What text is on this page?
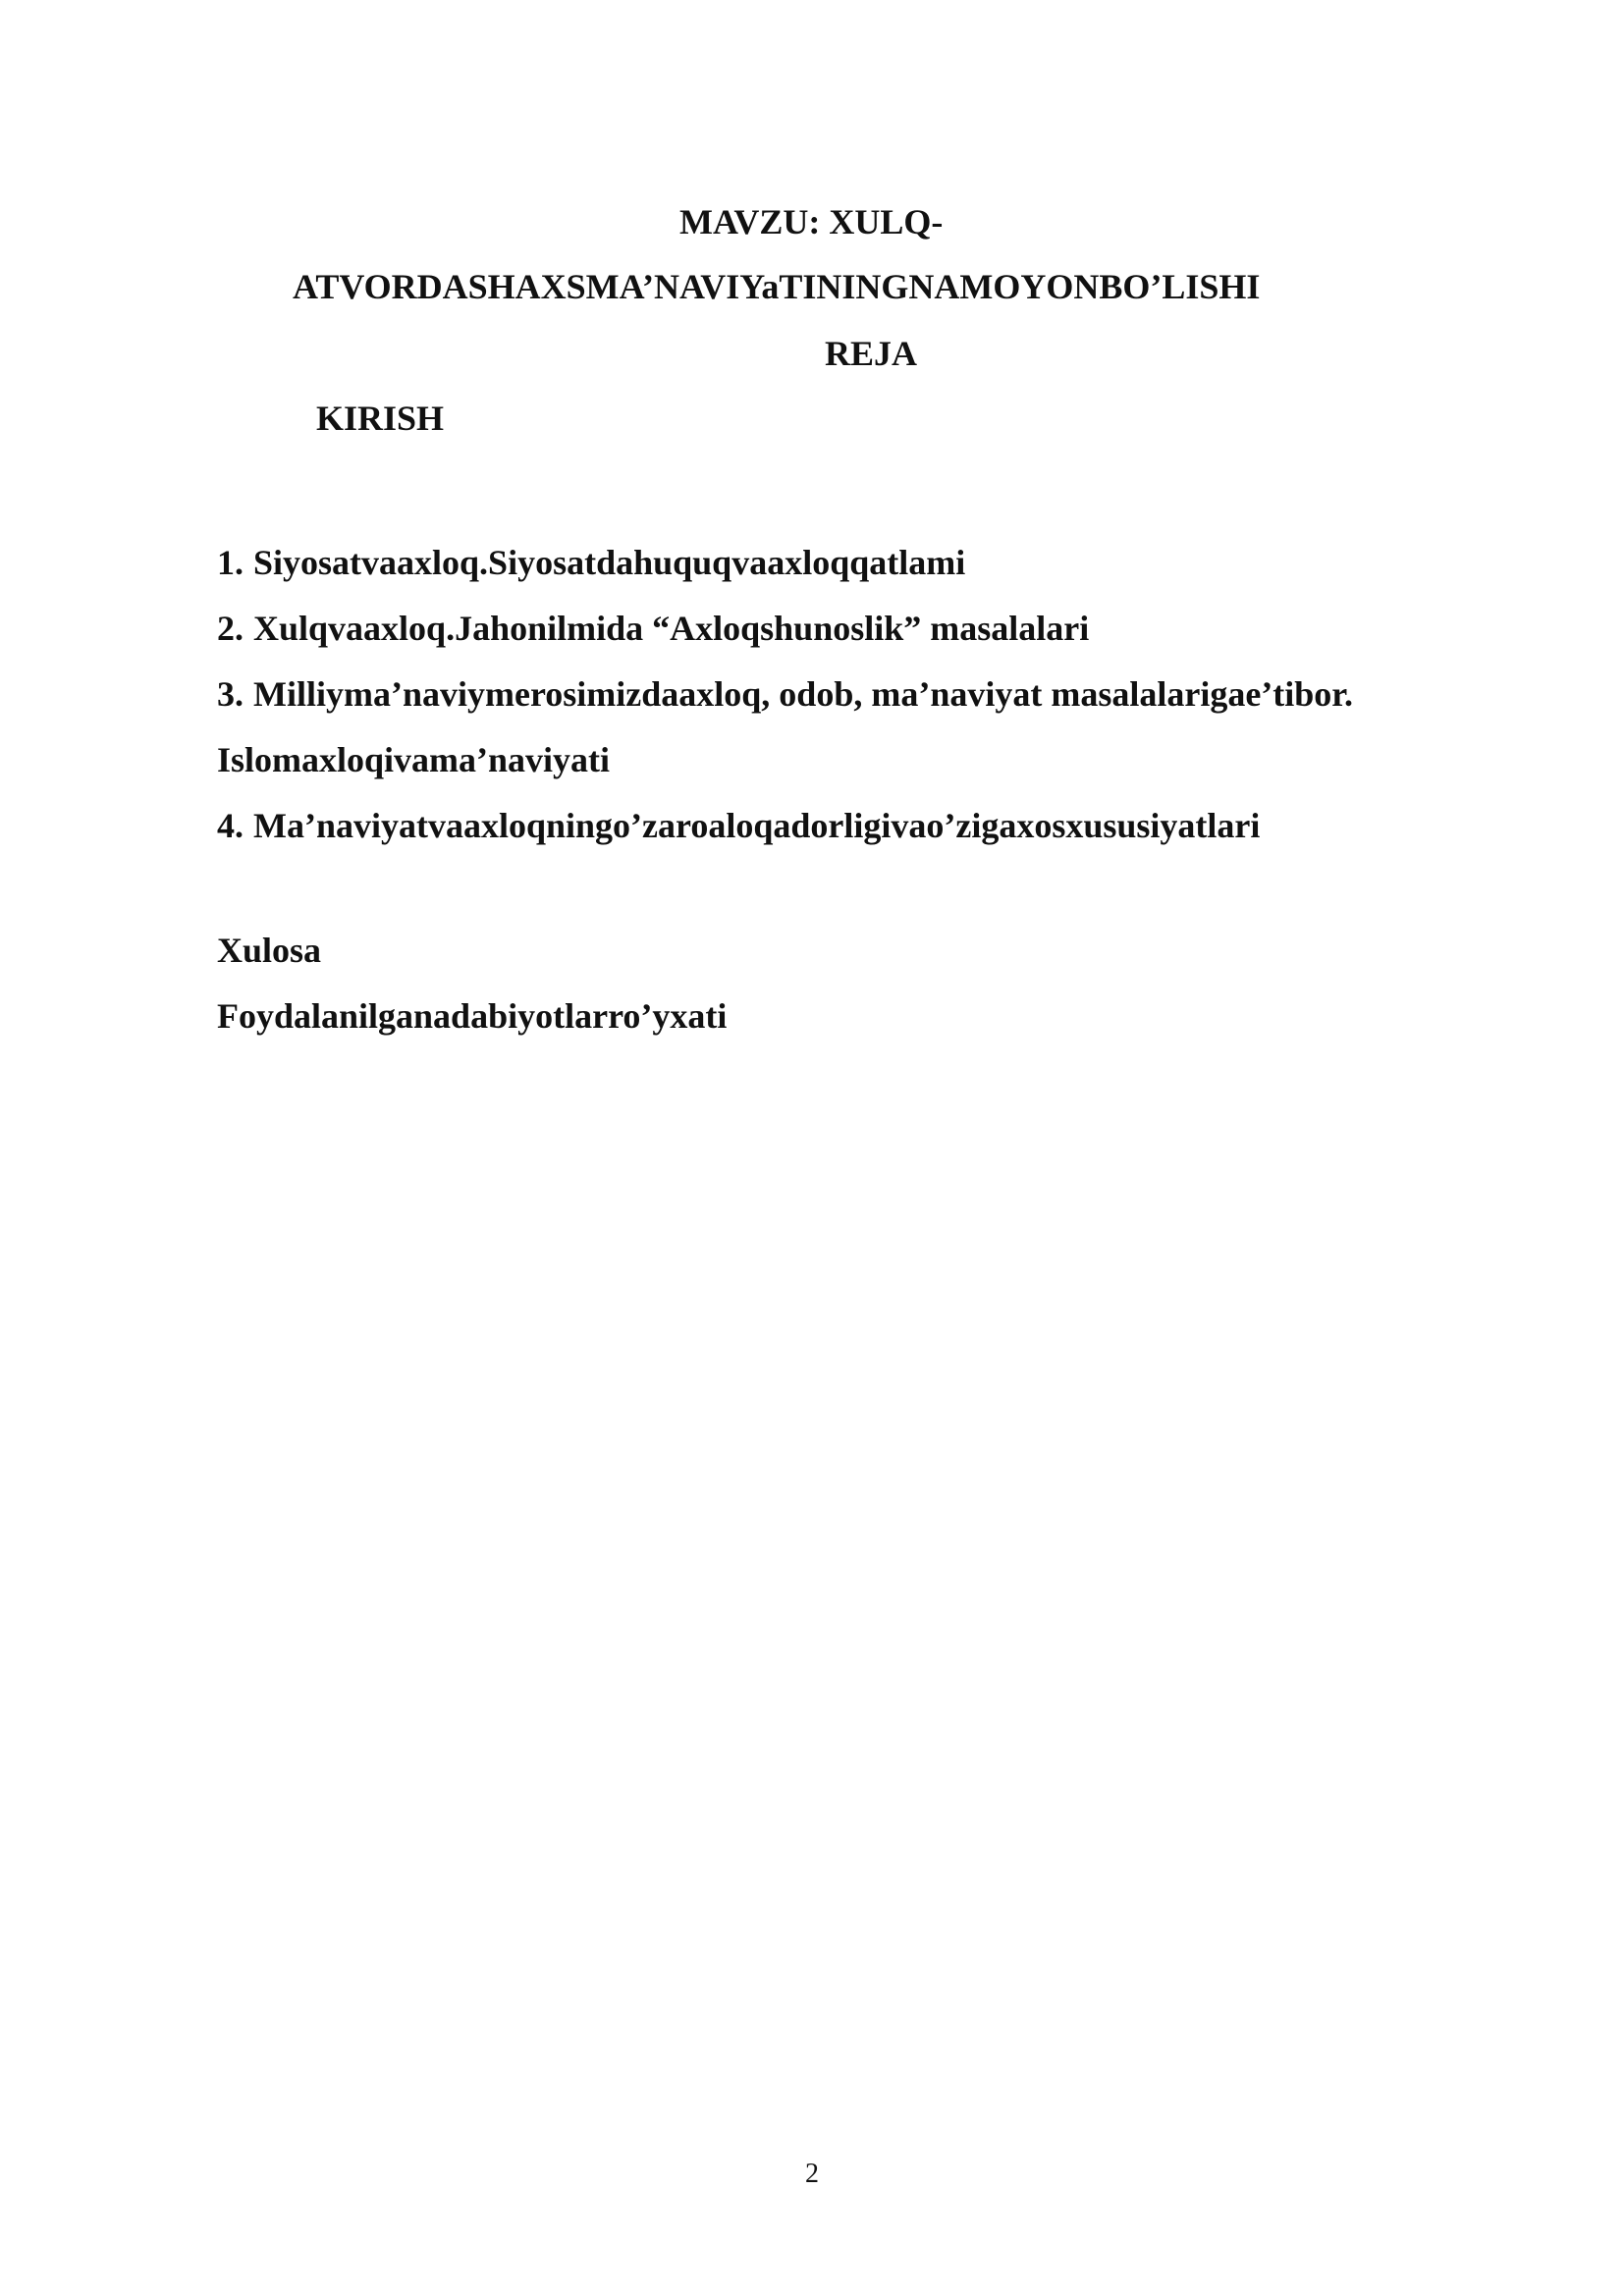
MAVZU: XULQ-
ATVORDASHAXSMA’NAVIYaTININGNAMOYONBO’LISHI
REJA
KIRISH
1. Siyosatvaaxloq.Siyosatdahuquqvaaxloqqatlami
2. Xulqvaaxloq.Jahonilmida “Axloqshunoslik” masalalari
3. Milliyma’naviymerosimizdaaxloq, odob, ma’naviyat masalalarigae’tibor. Islomaxloqivama’naviyati
4. Ma’naviyatvaaxloqningo’zaroaloqadorligivao’zigaxosxususiyatlari
Xulosa
Foydalanilganadabiyotlarro’yxati
2
